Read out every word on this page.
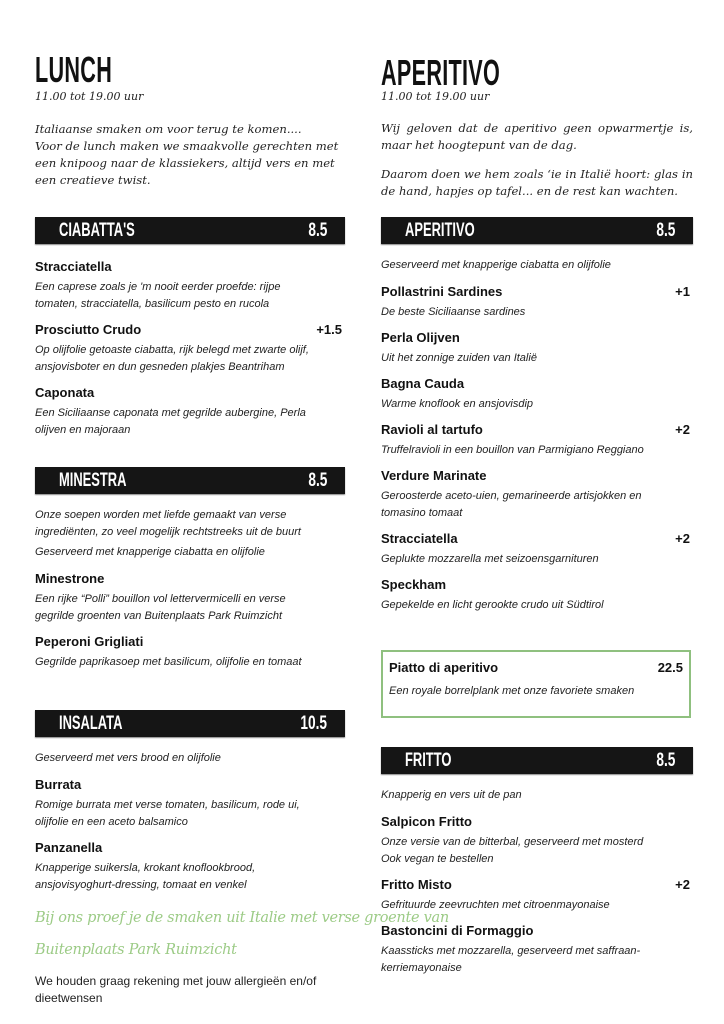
LUNCH
11.00 tot 19.00 uur

Italiaanse smaken om voor terug te komen....

Voor de lunch maken we smaakvolle gerechten met een knipoog naar de klassiekers, altijd vers en met een creatieve twist.

CIABATTA'S	8.5
Stracciatella
Een caprese zoals je 'm nooit eerder proefde: rijpe
tomaten, stracciatella, basilicum pesto en rucola
Prosciutto Crudo	+1.5
Op olijfolie getoaste ciabatta, rijk belegd met zwarte olijf,
ansjovisboter en dun gesneden plakjes Beantriham
Caponata
Een Siciliaanse caponata met gegrilde aubergine, Perla
olijven en majoraan
MINESTRA	8.5
Onze soepen worden met liefde gemaakt van verse ingrediënten, zo veel mogelijk rechtstreeks uit de buurt
Geserveerd met knapperige ciabatta en olijfolie
Minestrone
Een rijke “Polli” bouillon vol lettervermicelli en verse
gegrilde groenten van Buitenplaats Park Ruimzicht
Peperoni Grigliati
Gegrilde paprikasoep met basilicum, olijfolie en tomaat
INSALATA	10.5
Geserveerd met vers brood en olijfolie
Burrata
Romige burrata met verse tomaten, basilicum, rode ui,
olijfolie en een aceto balsamico
Panzanella
Knapperige suikersla, krokant knoflookbrood,
ansjovisyoghurt-dressing, tomaat en venkel
Bij ons proef je de smaken uit Italie met verse groente van
Buitenplaats Park Ruimzicht
We houden graag rekening met jouw allergieën en/of dieetwensen
APERITIVO
11.00 tot 19.00 uur

Wij geloven dat de aperitivo geen opwarmertje is, maar het hoogtepunt van de dag.

Daarom doen we hem zoals ‘ie in Italië hoort: glas in de hand, hapjes op tafel... en de rest kan wachten.

APERITIVO	8.5
Geserveerd met knapperige ciabatta en olijfolie
Pollastrini Sardines	+1
De beste Siciliaanse sardines
Perla Olijven
Uit het zonnige zuiden van Italië
Bagna Cauda
Warme knoflook en ansjovisdip
Ravioli al tartufo	+2
Truffelravioli in een bouillon van Parmigiano Reggiano
Verdure Marinate
Geroosterde aceto-uien, gemarineerde artisjokken en
tomasino tomaat
Stracciatella	+2
Geplukte mozzarella met seizoensgarnituren
Speckham
Gepekelde en licht gerookte crudo uit Südtirol
Piatto di aperitivo	22.5
Een royale borrelplank met onze favoriete smaken
FRITTO	8.5
Knapperig en vers uit de pan
Salpicon Fritto
Onze versie van de bitterbal, geserveerd met mosterd
Ook vegan te bestellen
Fritto Misto	+2
Gefrituurde zeevruchten met citroenmayonaise
Bastoncini di Formaggio
Kaassticks met mozzarella, geserveerd met saffraan-
kerriemayonaise
